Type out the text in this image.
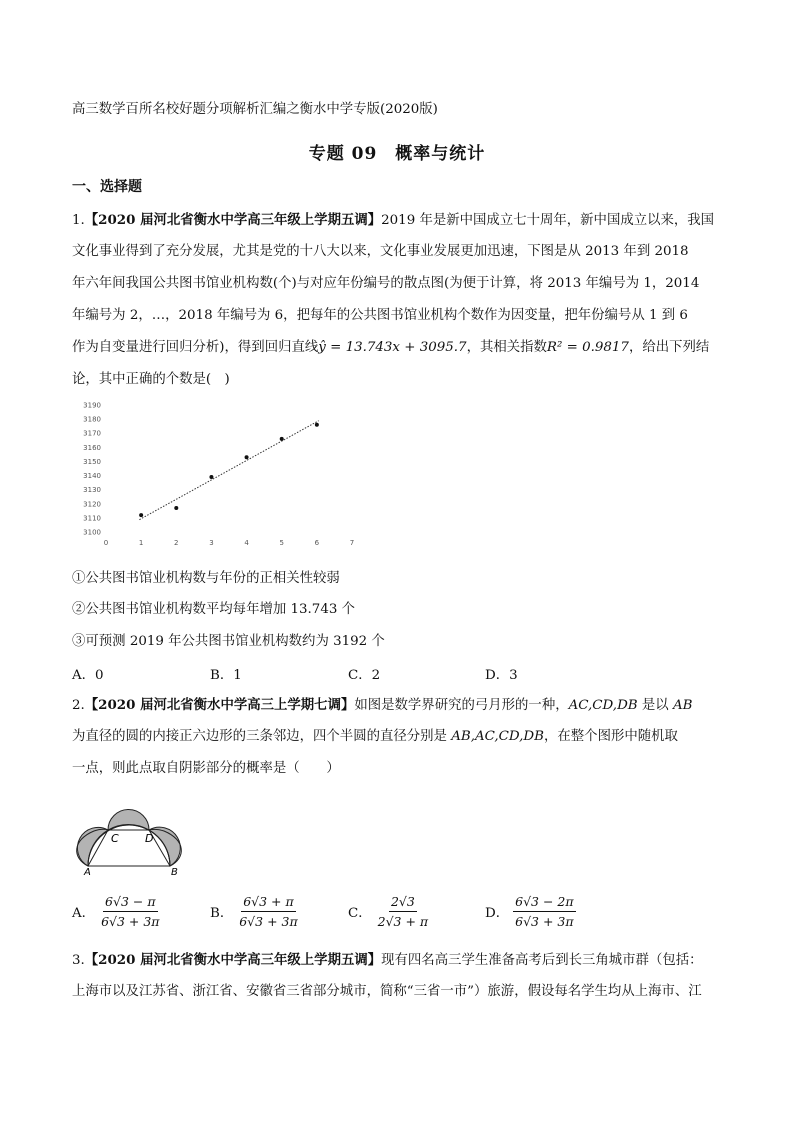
高三数学百所名校好题分项解析汇编之衡水中学专版(2020版)
专题 09　概率与统计
一、选择题
1.【2020 届河北省衡水中学高三年级上学期五调】2019 年是新中国成立七十周年，新中国成立以来，我国
文化事业得到了充分发展，尤其是党的十八大以来，文化事业发展更加迅速，下图是从 2013 年到 2018
年六年间我国公共图书馆业机构数(个)与对应年份编号的散点图(为便于计算，将 2013 年编号为 1，2014
年编号为 2，…，2018 年编号为 6，把每年的公共图书馆业机构个数作为因变量，把年份编号从 1 到 6
作为自变量进行回归分析)，得到回归直线ŷ = 13.743x + 3095.7，其相关指数R² = 0.9817，给出下列结
论，其中正确的个数是(　)
3100
3110
3120
3130
3140
3150
3160
3170
3180
3190
0	1	2	3	4	5	6	7
①公共图书馆业机构数与年份的正相关性较弱
②公共图书馆业机构数平均每年增加 13.743 个
③可预测 2019 年公共图书馆业机构数约为 3192 个
A．0	B．1	C．2	D．3
2.【2020 届河北省衡水中学高三上学期七调】如图是数学界研究的弓月形的一种，AC,CD,DB 是以 AB
为直径的圆的内接正六边形的三条邻边，四个半圆的直径分别是 AB,AC,CD,DB，在整个图形中随机取
一点，则此点取自阴影部分的概率是（　　）
C D
A	B
A． $\frac{6√3 - \pi}{6√3 + 3\pi}$	B． $\frac{6√3 + \pi}{6√3 + 3\pi}$	C． $\frac{2√3}{2√3 + \pi}$	D． $\frac{6√3 - 2\pi}{6√3 + 3\pi}$
3.【2020 届河北省衡水中学高三年级上学期五调】现有四名高三学生准备高考后到长三角城市群（包括：
上海市以及江苏省、浙江省、安徽省三省部分城市，简称“三省一市”）旅游，假设每名学生均从上海市、江
